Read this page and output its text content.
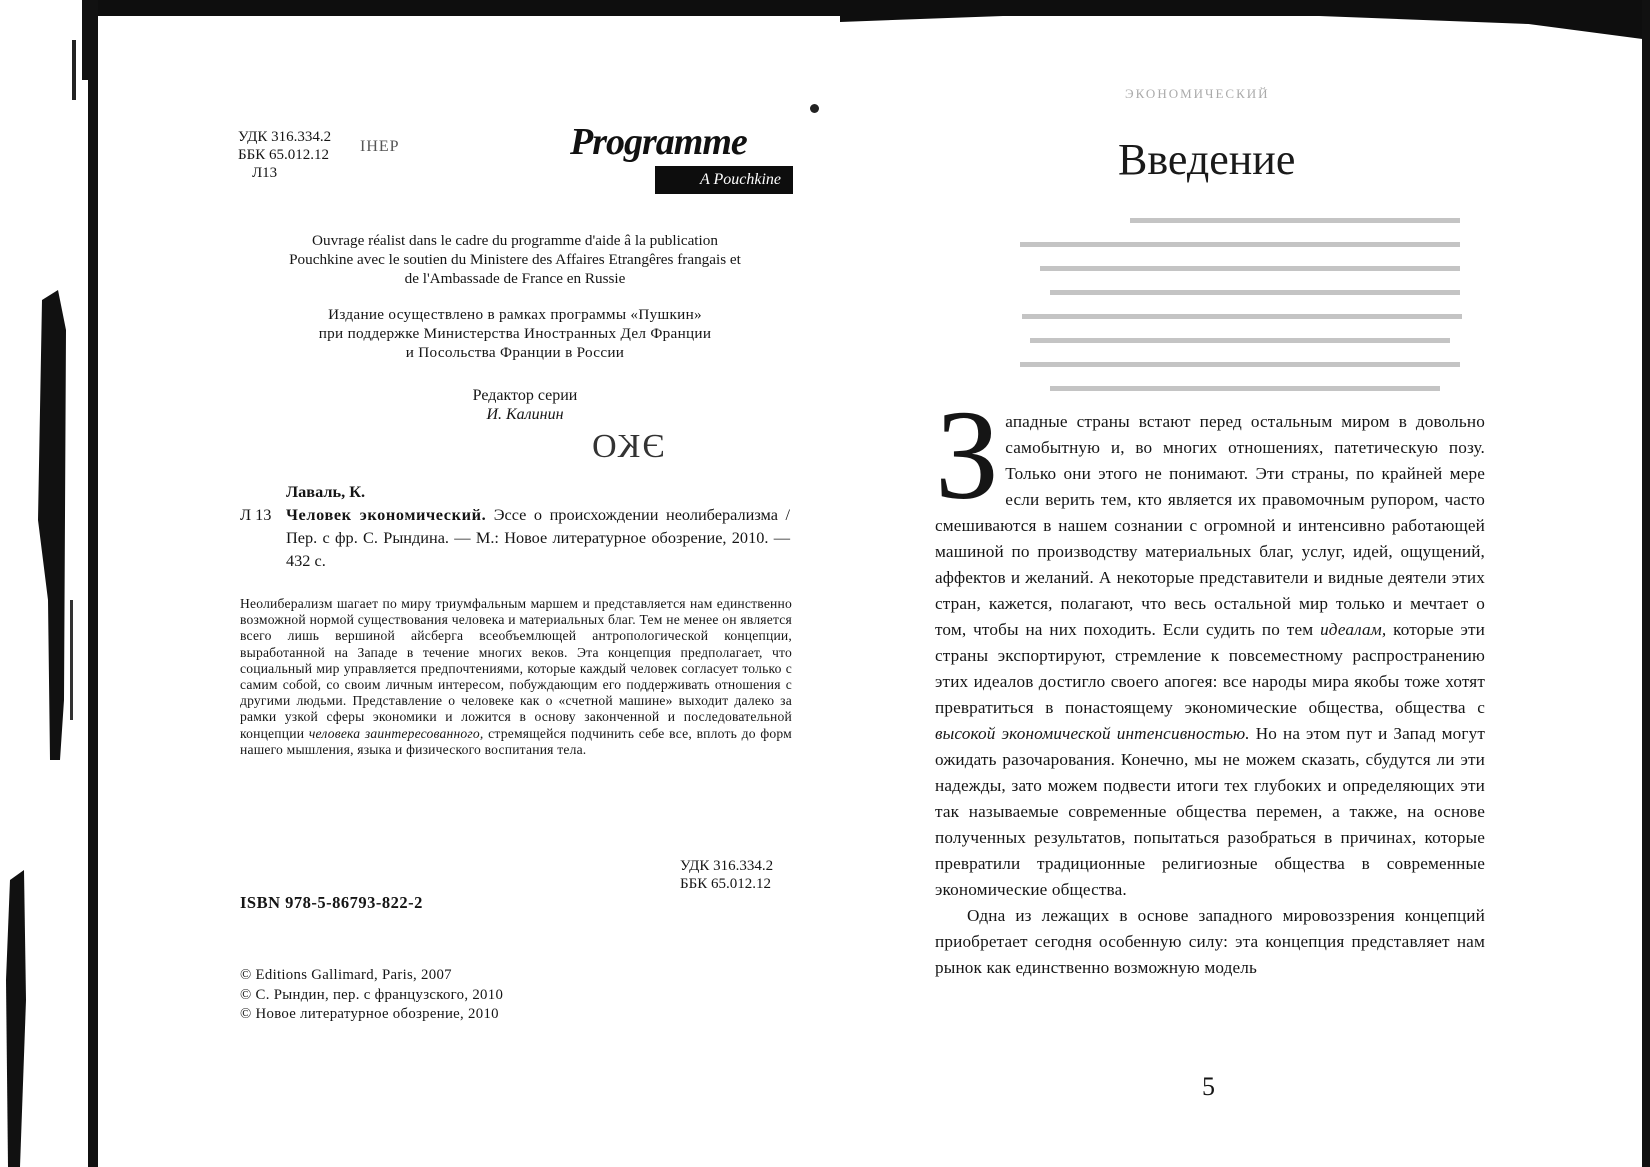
УДК 316.334.2
ББК 65.012.12
Л13
IHEP	Programme
A Pouchkine
Ouvrage réalist dans le cadre du programme d'aide â la publication
Pouchkine avec le soutien du Ministere des Affaires Etrangêres frangais et
de l'Ambassade de France en Russie
Издание осуществлено в рамках программы «Пушкин»
при поддержке Министерства Иностранных Дел Франции
и Посольства Франции в России
Редактор серии
И. Калинин
ЭКО
Лаваль, К.
Л 13 Человек экономический. Эссе о происхождении неолиберализма / Пер. с фр. С. Рындина. — М.: Новое литературное обозрение, 2010. — 432 с.
Неолиберализм шагает по миру триумфальным маршем и представляется нам единственно возможной нормой существования человека и материальных благ. Тем не менее он является всего лишь вершиной айсберга всеобъемлющей антропологической концепции, выработанной на Западе в течение многих веков. Эта концепция предполагает, что социальный мир управляется предпочтениями, которые каждый человек согласует только с самим собой, со своим личным интересом, побуждающим его поддерживать отношения с другими людьми. Представление о человеке как о «счетной машине» выходит далеко за рамки узкой сферы экономики и ложится в основу законченной и последовательной концепции человека заинтересованного, стремящейся подчинить себе все, вплоть до форм нашего мышления, языка и физического воспитания тела.
УДК 316.334.2
ББК 65.012.12
ISBN 978-5-86793-822-2
© Editions Gallimard, Paris, 2007
© С. Рындин, пер. с французского, 2010
© Новое литературное обозрение, 2010
ЭКОНОМИЧЕСКИЙ
Введение

Западные страны встают перед остальным миром в довольно самобытную и, во многих отношениях, патетическую позу. Только они этого не понимают. Эти страны, по крайней мере если верить тем, кто является их правомочным рупором, часто смешиваются в нашем сознании с огромной и интенсивно работающей машиной по производству материальных благ, услуг, идей, ощущений, аффектов и желаний. А некоторые представители и видные деятели этих стран, кажется, полагают, что весь остальной мир только и мечтает о том, чтобы на них походить. Если судить по тем идеалам, которые эти страны экспортируют, стремление к повсеместному распространению этих идеалов достигло своего апогея: все народы мира якобы тоже хотят превратиться в понастоящему экономические общества, общества с высокой экономической интенсивностью. Но на этом пут и Запад могут ожидать разочарования. Конечно, мы не можем сказать, сбудутся ли эти надежды, зато можем подвести итоги тех глубоких и определяющих эти так называемые современные общества перемен, а также, на основе полученных результатов, попытаться разобраться в причинах, которые превратили традиционные религиозные общества в современные экономические общества.

Одна из лежащих в основе западного мировоззрения концепций приобретает сегодня особенную силу: эта концепция представляет нам рынок как единственно возможную модель

5
